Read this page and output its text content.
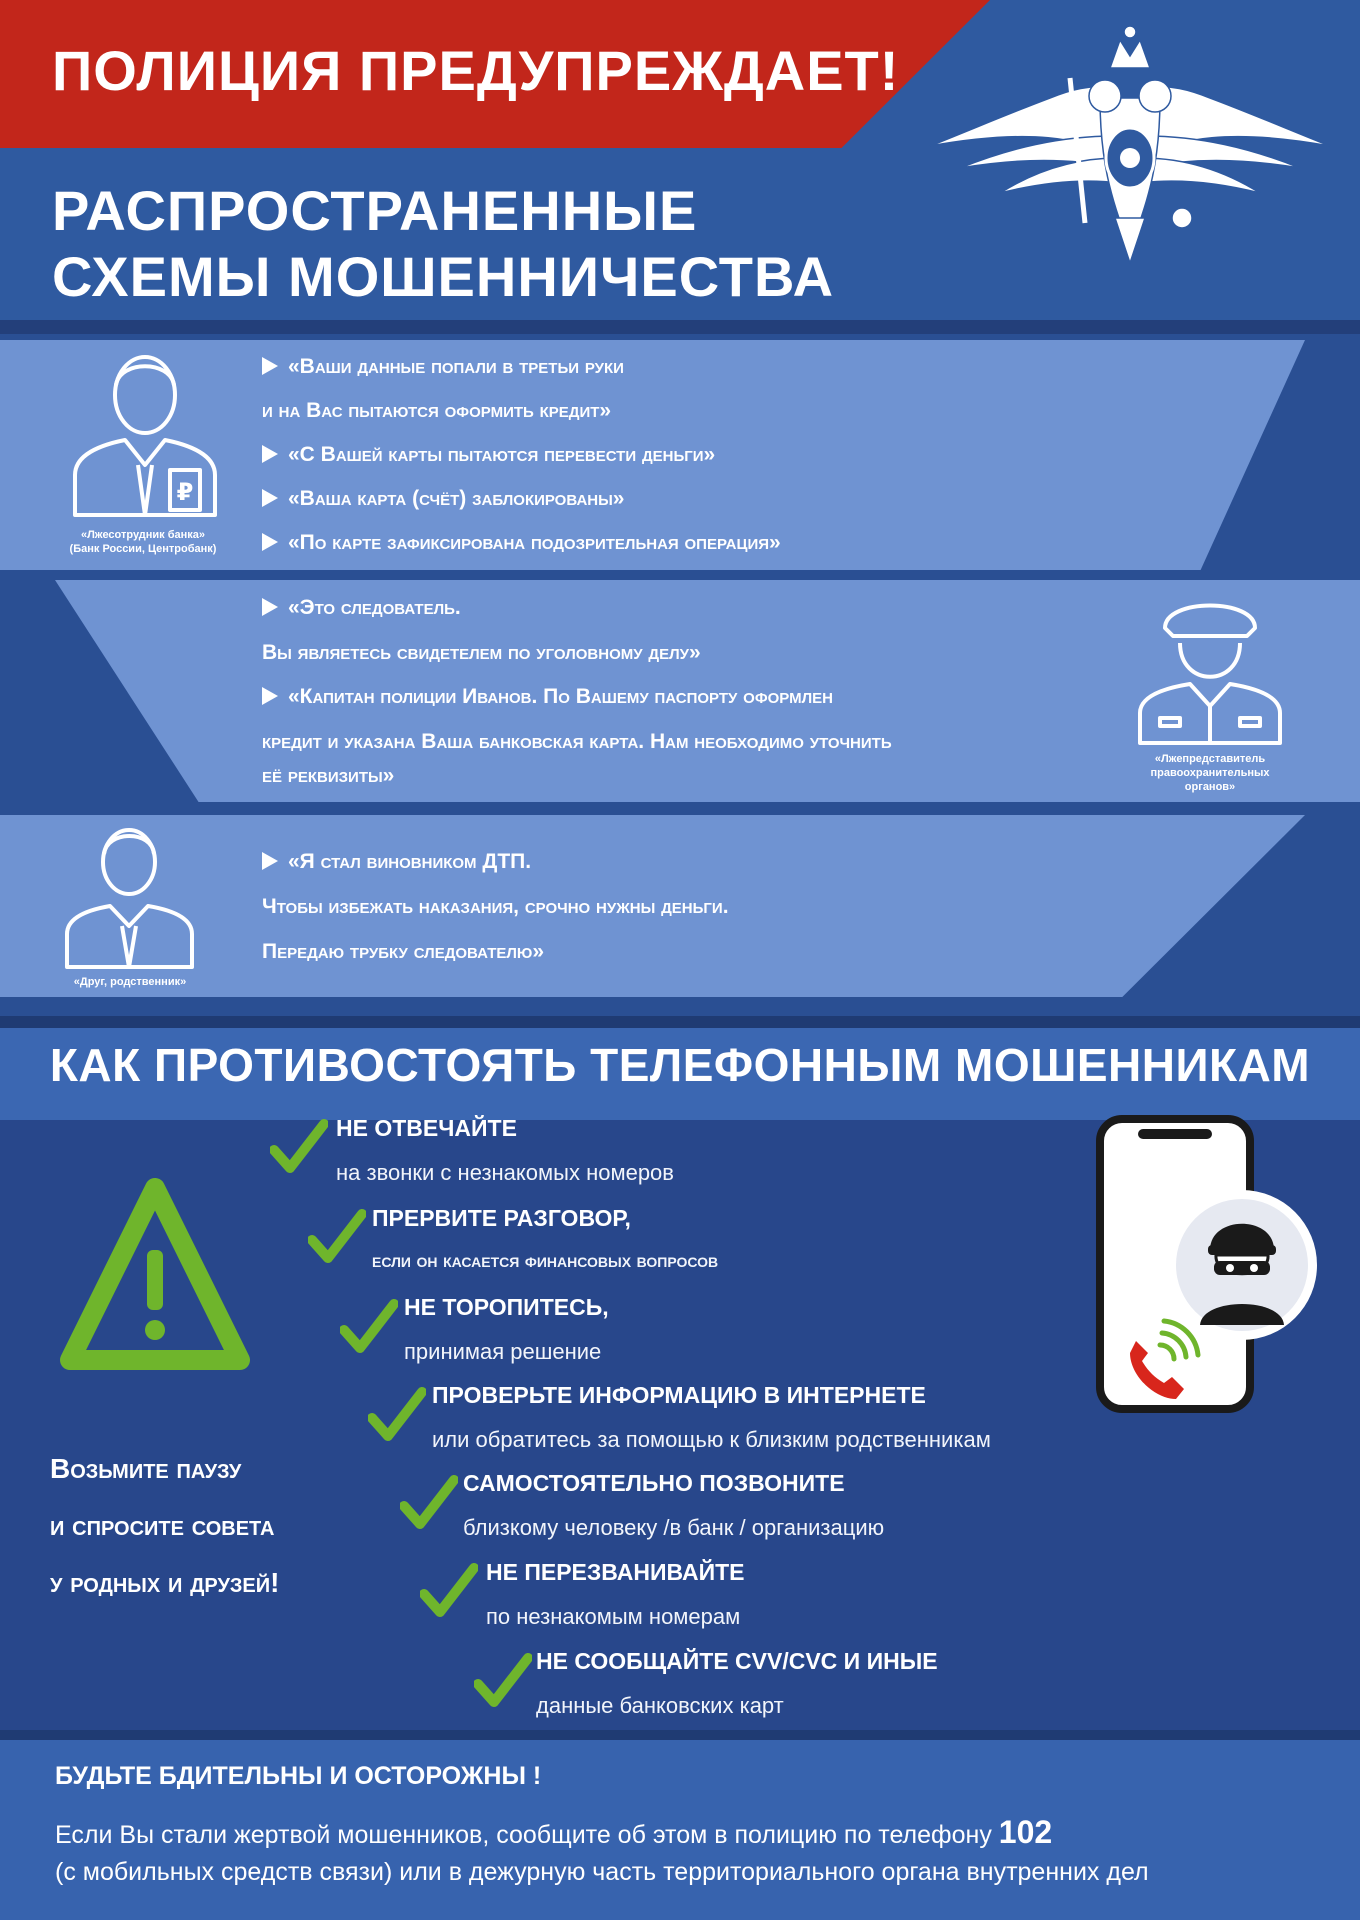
ПОЛИЦИЯ ПРЕДУПРЕЖДАЕТ!
РАСПРОСТРАНЕННЫЕ
СХЕМЫ МОШЕННИЧЕСТВА
₽
«Лжесотрудник банка»
(Банк России, Центробанк)
«Ваши данные попали в третьи руки
и на Вас пытаются оформить кредит»
«С Вашей карты пытаются перевести деньги»
«Ваша карта (счёт) заблокированы»
«По карте зафиксирована подозрительная операция»
«Это следователь.
Вы являетесь свидетелем по уголовному делу»
«Капитан полиции Иванов. По Вашему паспорту оформлен
кредит и указана Ваша банковская карта. Нам необходимо уточнить
её реквизиты»
«Лжепредставитель
правоохранительных
органов»
«Друг, родственник»
«Я стал виновником ДТП.
Чтобы избежать наказания, срочно нужны деньги.
Передаю трубку следователю»
КАК ПРОТИВОСТОЯТЬ ТЕЛЕФОННЫМ МОШЕННИКАМ
НЕ ОТВЕЧАЙТЕ
на звонки с незнакомых номеров
ПРЕРВИТЕ РАЗГОВОР,
если он касается финансовых вопросов
НЕ ТОРОПИТЕСЬ,
принимая решение
ПРОВЕРЬТЕ ИНФОРМАЦИЮ В ИНТЕРНЕТЕ
или обратитесь за помощью к близким родственникам
САМОСТОЯТЕЛЬНО ПОЗВОНИТЕ
близкому человеку /в банк / организацию
НЕ ПЕРЕЗВАНИВАЙТЕ
по незнакомым номерам
НЕ СООБЩАЙТЕ CVV/CVC И ИНЫЕ
данные банковских карт
Возьмите паузу
и спросите совета
у родных и друзей!
БУДЬТЕ БДИТЕЛЬНЫ И ОСТОРОЖНЫ !
Если Вы стали жертвой мошенников, сообщите об этом в полицию по телефону 102
(с мобильных средств связи) или в дежурную часть территориального органа внутренних дел
